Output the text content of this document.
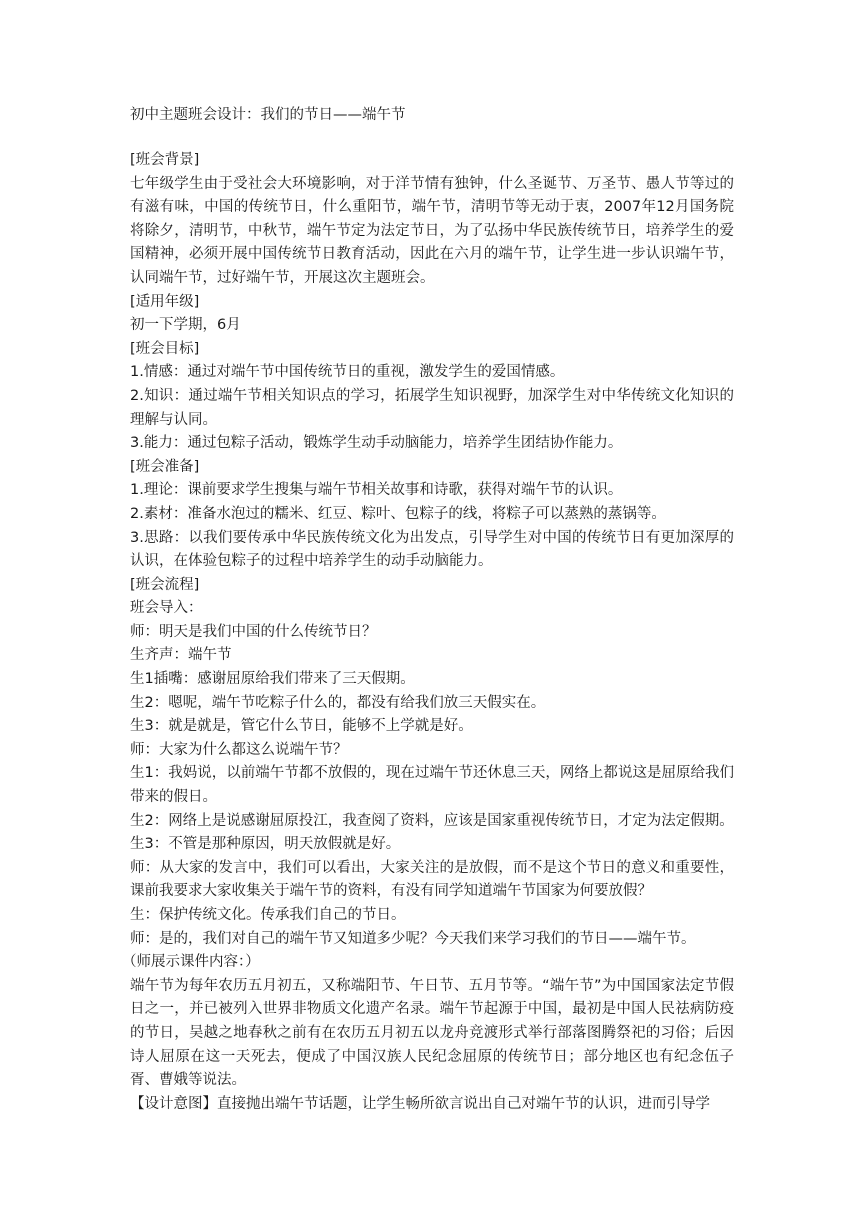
初中主题班会设计：我们的节日——端午节
[班会背景]
七年级学生由于受社会大环境影响，对于洋节情有独钟，什么圣诞节、万圣节、愚人节等过的有滋有味，中国的传统节日，什么重阳节，端午节，清明节等无动于衷，2007年12月国务院将除夕，清明节，中秋节，端午节定为法定节日，为了弘扬中华民族传统节日，培养学生的爱国精神，必须开展中国传统节日教育活动，因此在六月的端午节，让学生进一步认识端午节，认同端午节，过好端午节，开展这次主题班会。
[适用年级]
初一下学期，6月
[班会目标]
1.情感：通过对端午节中国传统节日的重视，激发学生的爱国情感。
2.知识：通过端午节相关知识点的学习，拓展学生知识视野，加深学生对中华传统文化知识的理解与认同。
3.能力：通过包粽子活动，锻炼学生动手动脑能力，培养学生团结协作能力。
[班会准备]
1.理论：课前要求学生搜集与端午节相关故事和诗歌，获得对端午节的认识。
2.素材：准备水泡过的糯米、红豆、粽叶、包粽子的线，将粽子可以蒸熟的蒸锅等。
3.思路：以我们要传承中华民族传统文化为出发点，引导学生对中国的传统节日有更加深厚的认识，在体验包粽子的过程中培养学生的动手动脑能力。
[班会流程]
班会导入：
师：明天是我们中国的什么传统节日？
生齐声：端午节
生1插嘴：感谢屈原给我们带来了三天假期。
生2：嗯呢，端午节吃粽子什么的，都没有给我们放三天假实在。
生3：就是就是，管它什么节日，能够不上学就是好。
师：大家为什么都这么说端午节？
生1：我妈说，以前端午节都不放假的，现在过端午节还休息三天，网络上都说这是屈原给我们带来的假日。
生2：网络上是说感谢屈原投江，我查阅了资料，应该是国家重视传统节日，才定为法定假期。
生3：不管是那种原因，明天放假就是好。
师：从大家的发言中，我们可以看出，大家关注的是放假，而不是这个节日的意义和重要性，课前我要求大家收集关于端午节的资料，有没有同学知道端午节国家为何要放假？
生：保护传统文化。传承我们自己的节日。
师：是的，我们对自己的端午节又知道多少呢？今天我们来学习我们的节日——端午节。
（师展示课件内容：）
端午节为每年农历五月初五，又称端阳节、午日节、五月节等。“端午节”为中国国家法定节假日之一，并已被列入世界非物质文化遗产名录。端午节起源于中国，最初是中国人民祛病防疫的节日，吴越之地春秋之前有在农历五月初五以龙舟竞渡形式举行部落图腾祭祀的习俗；后因诗人屈原在这一天死去，便成了中国汉族人民纪念屈原的传统节日；部分地区也有纪念伍子胥、曹娥等说法。
【设计意图】直接抛出端午节话题，让学生畅所欲言说出自己对端午节的认识，进而引导学
